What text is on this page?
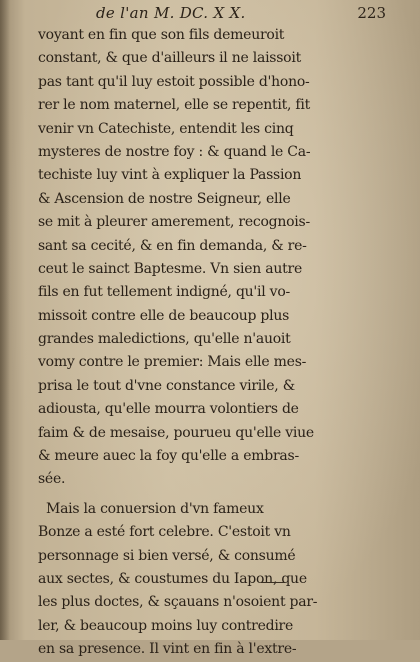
de l'an M. DC. X X.	223
voyant en fin que son fils demeuroit
constant, & que d'ailleurs il ne laissoit
pas tant qu'il luy estoit possible d'hono-
rer le nom maternel, elle se repentit, fit
venir vn Catechiste, entendit les cinq
mysteres de nostre foy : & quand le Ca-
techiste luy vint à expliquer la Passion
& Ascension de nostre Seigneur, elle
se mit à pleurer amerement, recognois-
sant sa cecité, & en fin demanda, & re-
ceut le sainct Baptesme. Vn sien autre
fils en fut tellement indigné, qu'il vo-
missoit contre elle de beaucoup plus
grandes maledictions, qu'elle n'auoit
vomy contre le premier: Mais elle mes-
prisa le tout d'vne constance virile, &
adiousta, qu'elle mourra volontiers de
faim & de mesaise, pourueu qu'elle viue
& meure auec la foy qu'elle a embras-
sée.
Mais la conuersion d'vn fameux
Bonze a esté fort celebre. C'estoit vn
personnage si bien versé, & consumé
aux sectes, & coustumes du Iapon, que
les plus doctes, & sçauans n'osoient par-
ler, & beaucoup moins luy contredire
en sa presence. Il vint en fin à l'extre-
